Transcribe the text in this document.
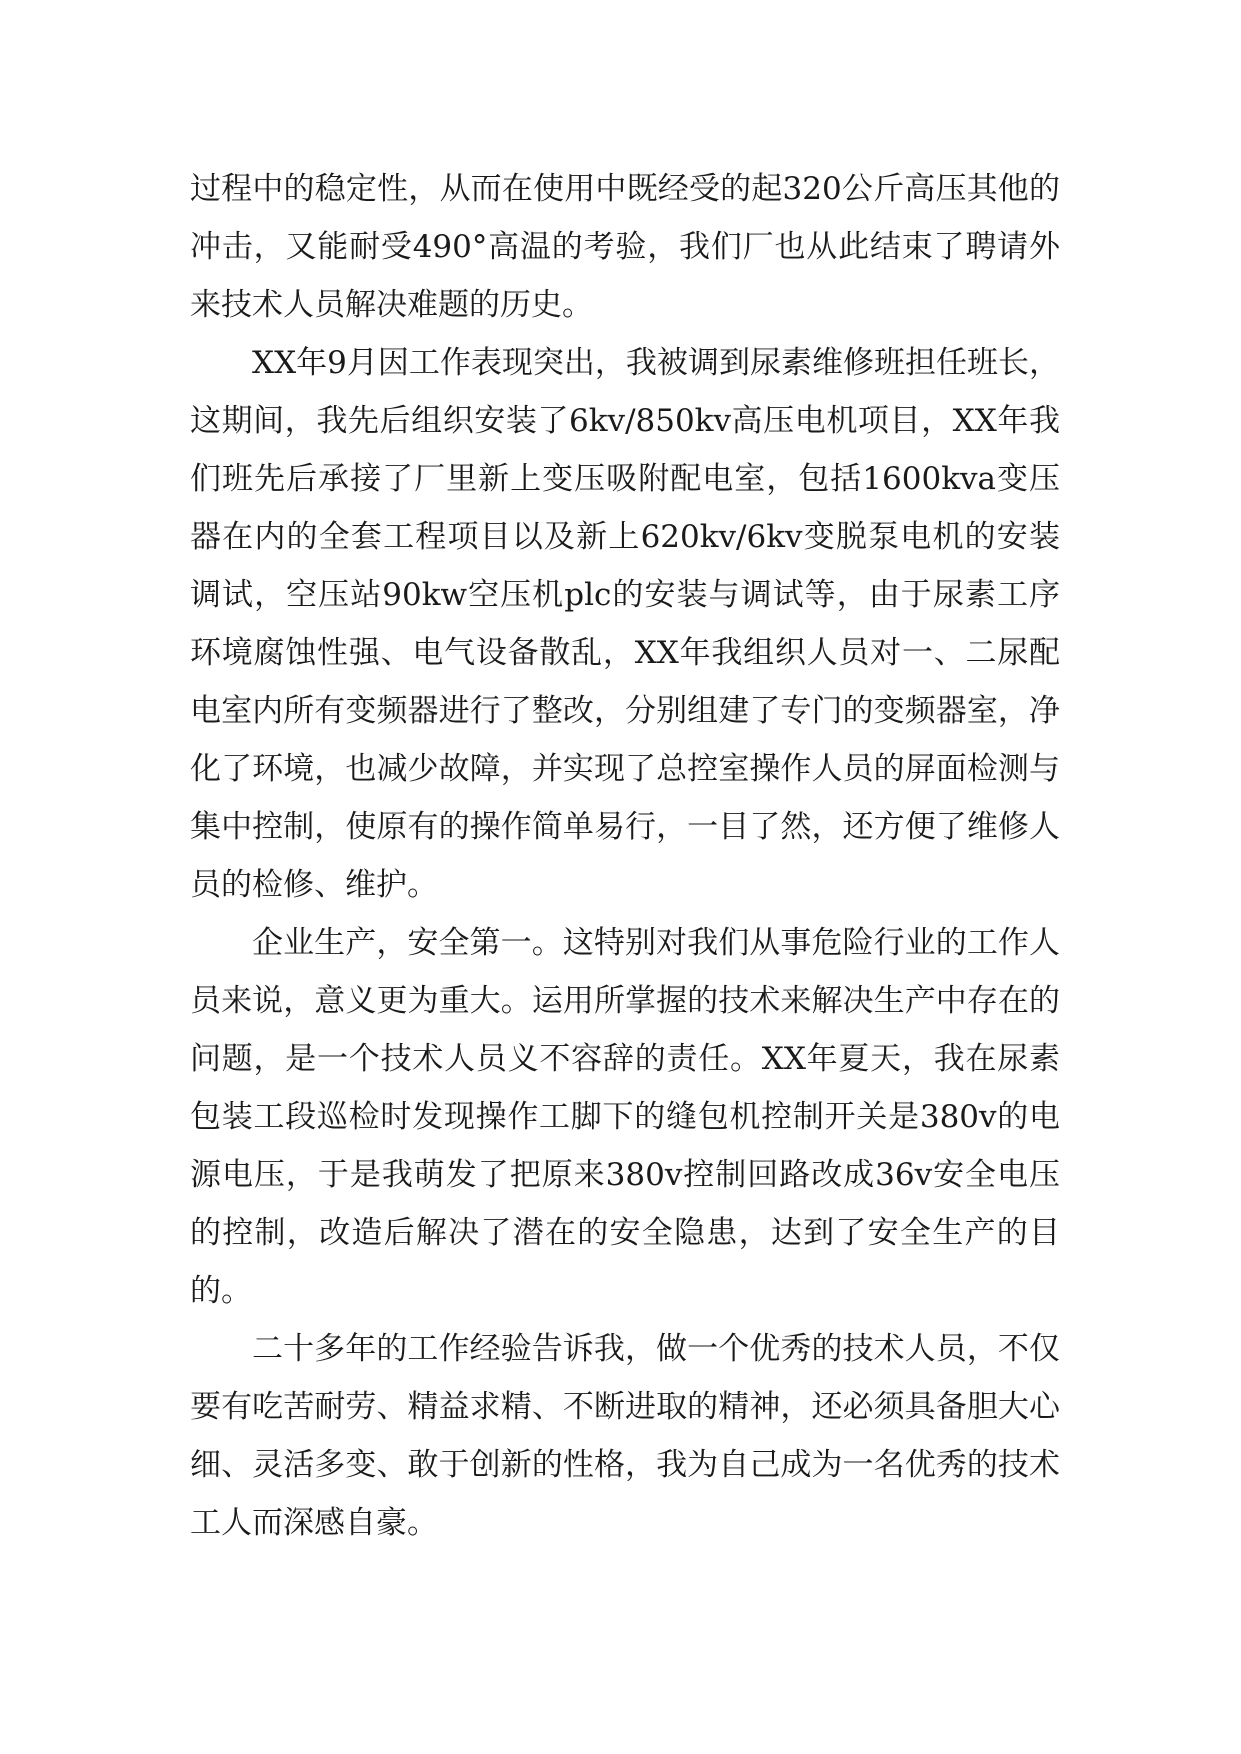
过程中的稳定性，从而在使用中既经受的起320公斤高压其他的冲击，又能耐受490°高温的考验，我们厂也从此结束了聘请外来技术人员解决难题的历史。

XX年9月因工作表现突出，我被调到尿素维修班担任班长，这期间，我先后组织安装了6kv/850kv高压电机项目，XX年我们班先后承接了厂里新上变压吸附配电室，包括1600kva变压器在内的全套工程项目以及新上620kv/6kv变脱泵电机的安装调试，空压站90kw空压机plc的安装与调试等，由于尿素工序环境腐蚀性强、电气设备散乱，XX年我组织人员对一、二尿配电室内所有变频器进行了整改，分别组建了专门的变频器室，净化了环境，也减少故障，并实现了总控室操作人员的屏面检测与集中控制，使原有的操作简单易行，一目了然，还方便了维修人员的检修、维护。

企业生产，安全第一。这特别对我们从事危险行业的工作人员来说，意义更为重大。运用所掌握的技术来解决生产中存在的问题，是一个技术人员义不容辞的责任。XX年夏天，我在尿素包装工段巡检时发现操作工脚下的缝包机控制开关是380v的电源电压，于是我萌发了把原来380v控制回路改成36v安全电压的控制，改造后解决了潜在的安全隐患，达到了安全生产的目的。

二十多年的工作经验告诉我，做一个优秀的技术人员，不仅要有吃苦耐劳、精益求精、不断进取的精神，还必须具备胆大心细、灵活多变、敢于创新的性格，我为自己成为一名优秀的技术工人而深感自豪。
